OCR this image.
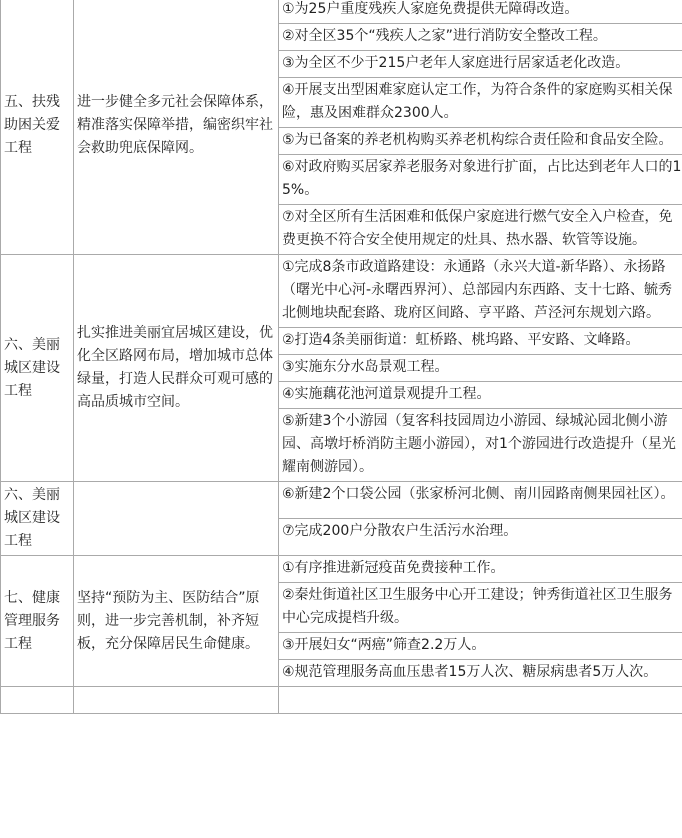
五、扶残助困关爱工程	进一步健全多元社会保障体系，精准落实保障举措，编密织牢社会救助兜底保障网。	①为25户重度残疾人家庭免费提供无障碍改造。
		②对全区35个“残疾人之家”进行消防安全整改工程。
		③为全区不少于215户老年人家庭进行居家适老化改造。
		④开展支出型困难家庭认定工作，为符合条件的家庭购买相关保险，惠及困难群众2300人。
		⑤为已备案的养老机构购买养老机构综合责任险和食品安全险。
		⑥对政府购买居家养老服务对象进行扩面，占比达到老年人口的15%。
		⑦对全区所有生活困难和低保户家庭进行燃气安全入户检查，免费更换不符合安全使用规定的灶具、热水器、软管等设施。
六、美丽城区建设工程	扎实推进美丽宜居城区建设，优化全区路网布局，增加城市总体绿量，打造人民群众可观可感的高品质城市空间。	①完成8条市政道路建设：永通路（永兴大道-新华路）、永扬路（曙光中心河-永曙西界河）、总部园内东西路、支十七路、毓秀北侧地块配套路、珑府区间路、亨平路、芦泾河东规划六路。
		②打造4条美丽街道：虹桥路、桃坞路、平安路、文峰路。
		③实施东分水岛景观工程。
		④实施藕花池河道景观提升工程。
		⑤新建3个小游园（复客科技园周边小游园、绿城沁园北侧小游园、高墩圩桥消防主题小游园），对1个游园进行改造提升（星光耀南侧游园）。
六、美丽城区建设工程		⑥新建2个口袋公园（张家桥河北侧、南川园路南侧果园社区）。
		⑦完成200户分散农户生活污水治理。
七、健康管理服务工程	坚持“预防为主、医防结合”原则，进一步完善机制，补齐短板，充分保障居民生命健康。	①有序推进新冠疫苗免费接种工作。
		②秦灶街道社区卫生服务中心开工建设；钟秀街道社区卫生服务中心完成提档升级。
		③开展妇女“两癌”筛查2.2万人。
		④规范管理服务高血压患者15万人次、糖尿病患者5万人次。
